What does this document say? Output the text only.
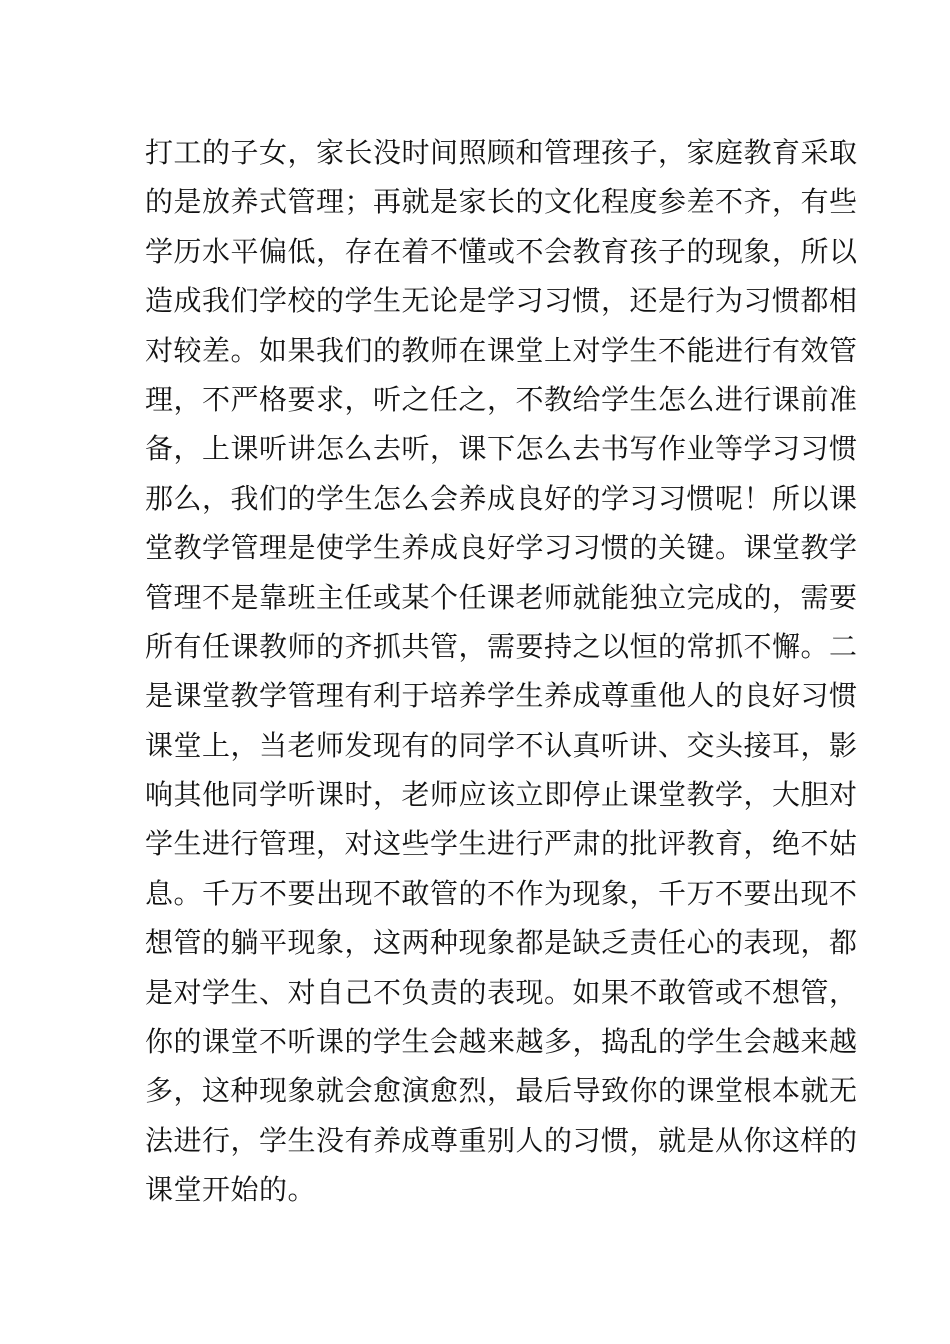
打工的子女，家长没时间照顾和管理孩子，家庭教育采取
的是放养式管理；再就是家长的文化程度参差不齐，有些
学历水平偏低，存在着不懂或不会教育孩子的现象，所以
造成我们学校的学生无论是学习习惯，还是行为习惯都相
对较差。如果我们的教师在课堂上对学生不能进行有效管
理，不严格要求，听之任之，不教给学生怎么进行课前准
备，上课听讲怎么去听，课下怎么去书写作业等学习习惯
那么，我们的学生怎么会养成良好的学习习惯呢！所以课
堂教学管理是使学生养成良好学习习惯的关键。课堂教学
管理不是靠班主任或某个任课老师就能独立完成的，需要
所有任课教师的齐抓共管，需要持之以恒的常抓不懈。二
是课堂教学管理有利于培养学生养成尊重他人的良好习惯
课堂上，当老师发现有的同学不认真听讲、交头接耳，影
响其他同学听课时，老师应该立即停止课堂教学，大胆对
学生进行管理，对这些学生进行严肃的批评教育，绝不姑
息。千万不要出现不敢管的不作为现象，千万不要出现不
想管的躺平现象，这两种现象都是缺乏责任心的表现，都
是对学生、对自己不负责的表现。如果不敢管或不想管，
你的课堂不听课的学生会越来越多，捣乱的学生会越来越
多，这种现象就会愈演愈烈，最后导致你的课堂根本就无
法进行，学生没有养成尊重别人的习惯，就是从你这样的
课堂开始的。
